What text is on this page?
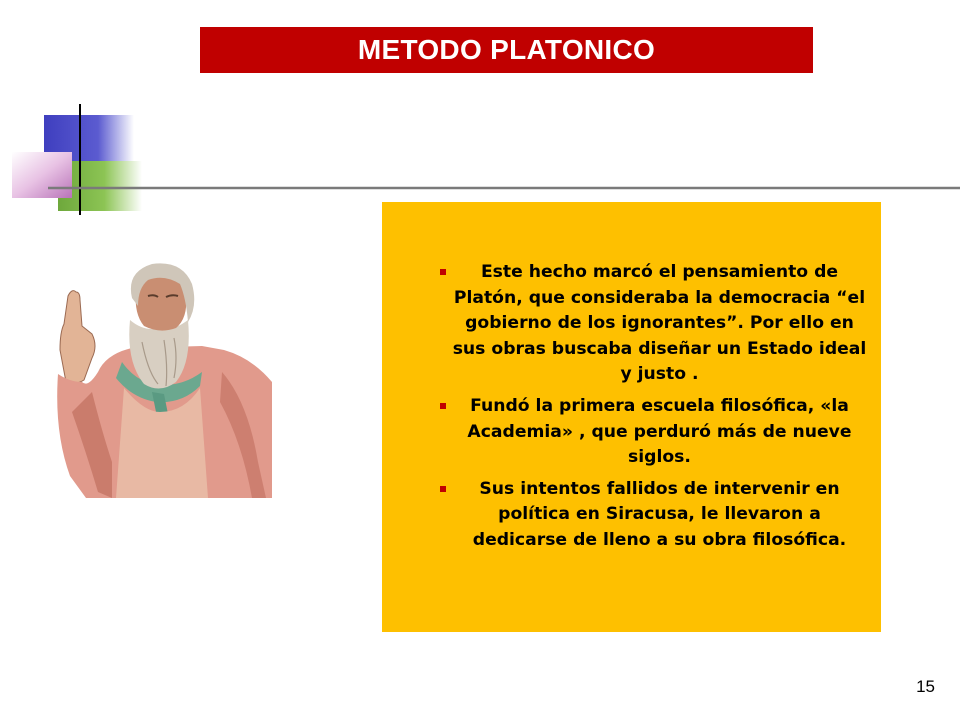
METODO PLATONICO
Este hecho marcó el pensamiento de Platón, que consideraba la democracia “el gobierno de los ignorantes”. Por ello en sus obras buscaba diseñar un Estado ideal y justo .
Fundó la primera escuela filosófica, «la Academia» , que perduró más de nueve siglos.
Sus intentos fallidos de intervenir en política en Siracusa, le llevaron a dedicarse de lleno a su obra filosófica.
15
